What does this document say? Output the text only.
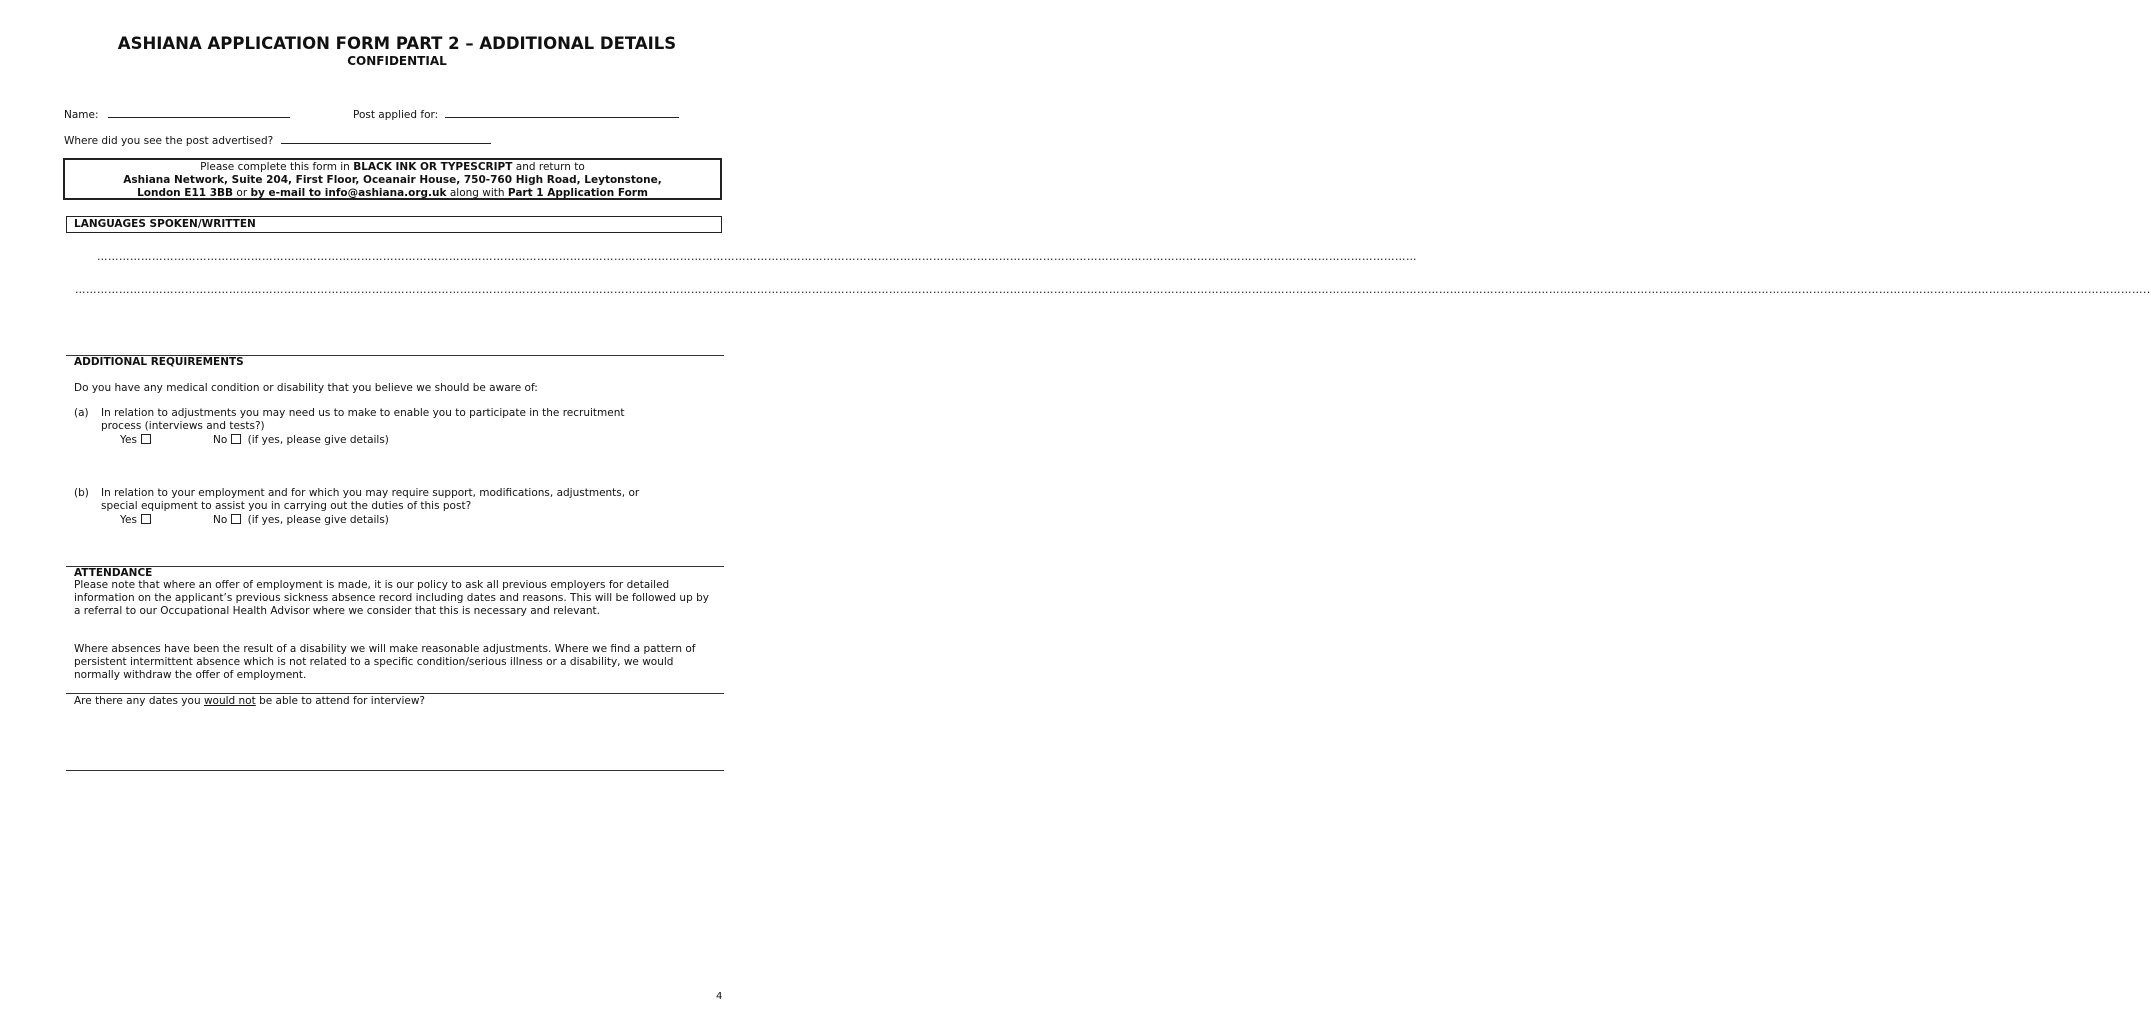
ASHIANA APPLICATION FORM PART 2 – ADDITIONAL DETAILS
CONFIDENTIAL
Name:	Post applied for:
Where did you see the post advertised?
Please complete this form in BLACK INK OR TYPESCRIPT and return to
Ashiana Network, Suite 204, First Floor, Oceanair House, 750-760 High Road, Leytonstone,
London E11 3BB or by e-mail to info@ashiana.org.uk along with Part 1 Application Form
LANGUAGES SPOKEN/WRITTEN
………………………………………………………………………………………………………………………………………………………………………………………………………………………………………………………………………………………………………………………………
……………………………………………………………………………………………………………………………………………………………………………………………………………………………………………………………………………………………………………………………………………………………………………………………………………………………………………………………………………………………………………………..
ADDITIONAL REQUIREMENTS
Do you have any medical condition or disability that you believe we should be aware of:
(a) In relation to adjustments you may need us to make to enable you to participate in the recruitment
process (interviews and tests?)
Yes	No (if yes, please give details)
(b) In relation to your employment and for which you may require support, modifications, adjustments, or
special equipment to assist you in carrying out the duties of this post?
Yes	No (if yes, please give details)
ATTENDANCE
Please note that where an offer of employment is made, it is our policy to ask all previous employers for detailed information on the applicant’s previous sickness absence record including dates and reasons. This will be followed up by a referral to our Occupational Health Advisor where we consider that this is necessary and relevant.
Where absences have been the result of a disability we will make reasonable adjustments. Where we find a pattern of persistent intermittent absence which is not related to a specific condition/serious illness or a disability, we would normally withdraw the offer of employment.
Are there any dates you would not be able to attend for interview?
4
